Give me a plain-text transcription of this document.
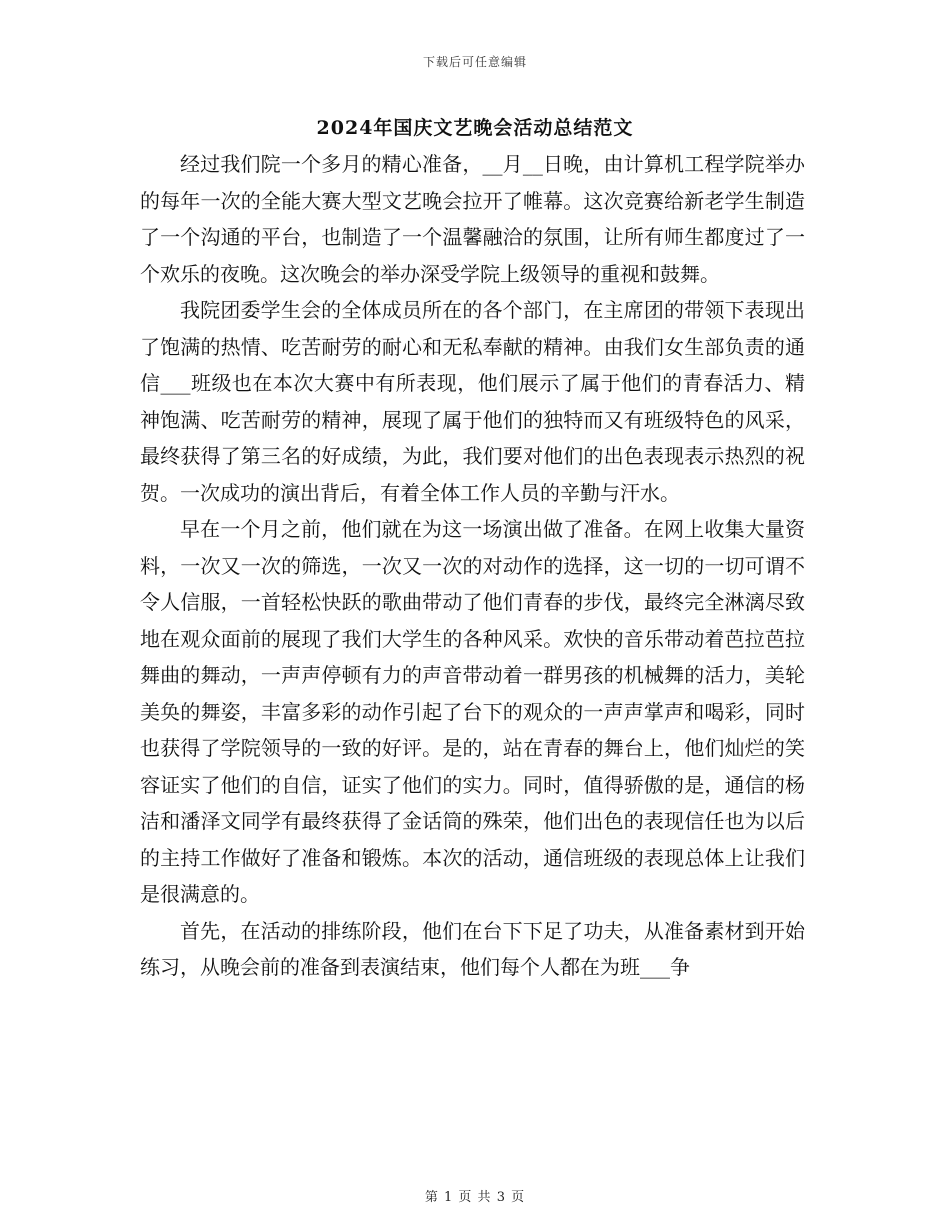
下载后可任意编辑
2024年国庆文艺晚会活动总结范文

经过我们院一个多月的精心准备，__月__日晚，由计算机工程学院举办的每年一次的全能大赛大型文艺晚会拉开了帷幕。这次竞赛给新老学生制造了一个沟通的平台，也制造了一个温馨融洽的氛围，让所有师生都度过了一个欢乐的夜晚。这次晚会的举办深受学院上级领导的重视和鼓舞。

我院团委学生会的全体成员所在的各个部门，在主席团的带领下表现出了饱满的热情、吃苦耐劳的耐心和无私奉献的精神。由我们女生部负责的通信___班级也在本次大赛中有所表现，他们展示了属于他们的青春活力、精神饱满、吃苦耐劳的精神，展现了属于他们的独特而又有班级特色的风采，最终获得了第三名的好成绩，为此，我们要对他们的出色表现表示热烈的祝贺。一次成功的演出背后，有着全体工作人员的辛勤与汗水。

早在一个月之前，他们就在为这一场演出做了准备。在网上收集大量资料，一次又一次的筛选，一次又一次的对动作的选择，这一切的一切可谓不令人信服，一首轻松快跃的歌曲带动了他们青春的步伐，最终完全淋漓尽致地在观众面前的展现了我们大学生的各种风采。欢快的音乐带动着芭拉芭拉舞曲的舞动，一声声停顿有力的声音带动着一群男孩的机械舞的活力，美轮美奂的舞姿，丰富多彩的动作引起了台下的观众的一声声掌声和喝彩，同时也获得了学院领导的一致的好评。是的，站在青春的舞台上，他们灿烂的笑容证实了他们的自信，证实了他们的实力。同时，值得骄傲的是，通信的杨洁和潘泽文同学有最终获得了金话筒的殊荣，他们出色的表现信任也为以后的主持工作做好了准备和锻炼。本次的活动，通信班级的表现总体上让我们是很满意的。

首先，在活动的排练阶段，他们在台下下足了功夫，从准备素材到开始练习，从晚会前的准备到表演结束，他们每个人都在为班___争

第 1 页 共 3 页
